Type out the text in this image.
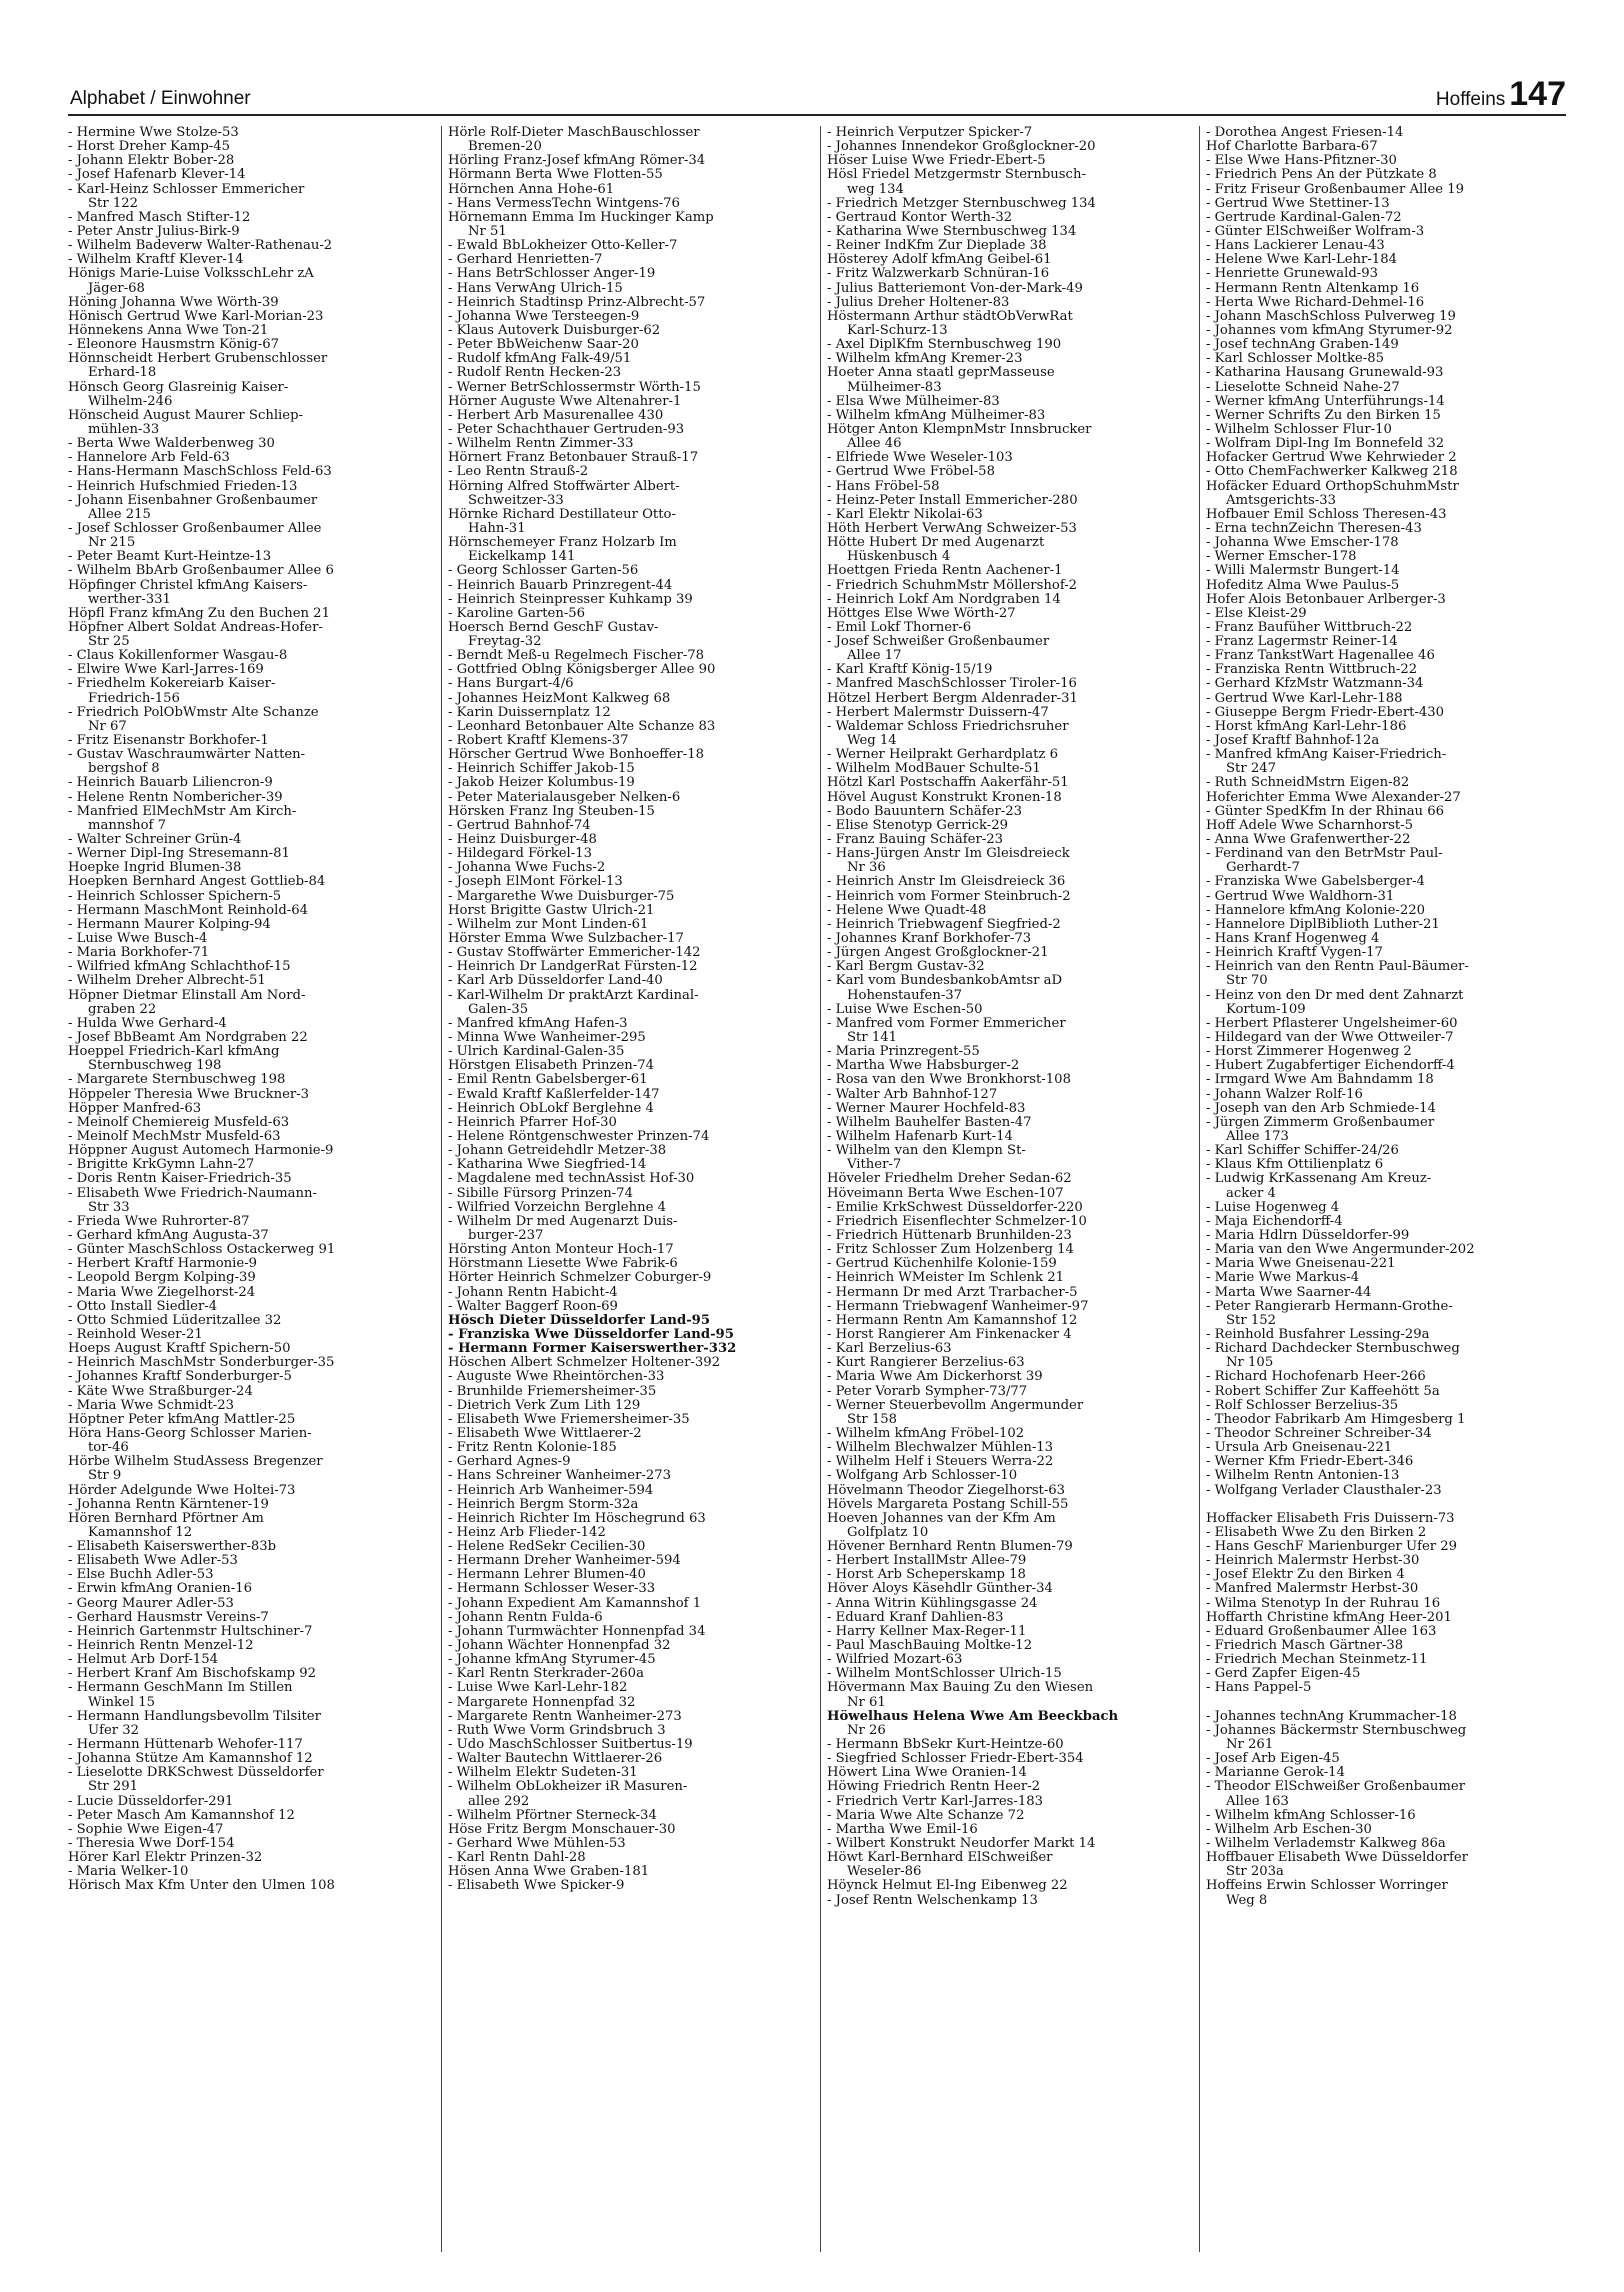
Alphabet / Einwohner	Hoffeins 147
- Hermine Wwe Stolze-53
- Horst Dreher Kamp-45
- Johann Elektr Bober-28
- Josef Hafenarb Klever-14
- Karl-Heinz Schlosser Emmericher
Str 122
- Manfred Masch Stifter-12
- Peter Anstr Julius-Birk-9
- Wilhelm Badeverw Walter-Rathenau-2
- Wilhelm Kraftf Klever-14
Hönigs Marie-Luise VolksschLehr zA
Jäger-68
Höning Johanna Wwe Wörth-39
Hönisch Gertrud Wwe Karl-Morian-23
Hönnekens Anna Wwe Ton-21
- Eleonore Hausmstrn König-67
Hönnscheidt Herbert Grubenschlosser
Erhard-18
Hönsch Georg Glasreinig Kaiser-
Wilhelm-246
Hönscheid August Maurer Schliep-
mühlen-33
- Berta Wwe Walderbenweg 30
- Hannelore Arb Feld-63
- Hans-Hermann MaschSchloss Feld-63
- Heinrich Hufschmied Frieden-13
- Johann Eisenbahner Großenbaumer
Allee 215
- Josef Schlosser Großenbaumer Allee
Nr 215
- Peter Beamt Kurt-Heintze-13
- Wilhelm BbArb Großenbaumer Allee 6
Höpfinger Christel kfmAng Kaisers-
werther-331
Höpfl Franz kfmAng Zu den Buchen 21
Höpfner Albert Soldat Andreas-Hofer-
Str 25
- Claus Kokillenformer Wasgau-8
- Elwire Wwe Karl-Jarres-169
- Friedhelm Kokereiarb Kaiser-
Friedrich-156
- Friedrich PolObWmstr Alte Schanze
Nr 67
- Fritz Eisenanstr Borkhofer-1
- Gustav Waschraumwärter Natten-
bergshof 8
- Heinrich Bauarb Liliencron-9
- Helene Rentn Nombericher-39
- Manfried ElMechMstr Am Kirch-
mannshof 7
- Walter Schreiner Grün-4
- Werner Dipl-Ing Stresemann-81
Hoepke Ingrid Blumen-38
Hoepken Bernhard Angest Gottlieb-84
- Heinrich Schlosser Spichern-5
- Hermann MaschMont Reinhold-64
- Hermann Maurer Kolping-94
- Luise Wwe Busch-4
- Maria Borkhofer-71
- Wilfried kfmAng Schlachthof-15
- Wilhelm Dreher Albrecht-51
Höpner Dietmar Elinstall Am Nord-
graben 22
- Hulda Wwe Gerhard-4
- Josef BbBeamt Am Nordgraben 22
Hoeppel Friedrich-Karl kfmAng
Sternbuschweg 198
- Margarete Sternbuschweg 198
Höppeler Theresia Wwe Bruckner-3
Höpper Manfred-63
- Meinolf Chemiereig Musfeld-63
- Meinolf MechMstr Musfeld-63
Höppner August Automech Harmonie-9
- Brigitte KrkGymn Lahn-27
- Doris Rentn Kaiser-Friedrich-35
- Elisabeth Wwe Friedrich-Naumann-
Str 33
- Frieda Wwe Ruhrorter-87
- Gerhard kfmAng Augusta-37
- Günter MaschSchloss Ostackerweg 91
- Herbert Kraftf Harmonie-9
- Leopold Bergm Kolping-39
- Maria Wwe Ziegelhorst-24
- Otto Install Siedler-4
- Otto Schmied Lüderitzallee 32
- Reinhold Weser-21
Hoeps August Kraftf Spichern-50
- Heinrich MaschMstr Sonderburger-35
- Johannes Kraftf Sonderburger-5
- Käte Wwe Straßburger-24
- Maria Wwe Schmidt-23
Höptner Peter kfmAng Mattler-25
Höra Hans-Georg Schlosser Marien-
tor-46
Hörbe Wilhelm StudAssess Bregenzer
Str 9
Hörder Adelgunde Wwe Holtei-73
- Johanna Rentn Kärntener-19
Hören Bernhard Pförtner Am
Kamannshof 12
- Elisabeth Kaiserswerther-83b
- Elisabeth Wwe Adler-53
- Else Buchh Adler-53
- Erwin kfmAng Oranien-16
- Georg Maurer Adler-53
- Gerhard Hausmstr Vereins-7
- Heinrich Gartenmstr Hultschiner-7
- Heinrich Rentn Menzel-12
- Helmut Arb Dorf-154
- Herbert Kranf Am Bischofskamp 92
- Hermann GeschMann Im Stillen
Winkel 15
- Hermann Handlungsbevollm Tilsiter
Ufer 32
- Hermann Hüttenarb Wehofer-117
- Johanna Stütze Am Kamannshof 12
- Lieselotte DRKSchwest Düsseldorfer
Str 291
- Lucie Düsseldorfer-291
- Peter Masch Am Kamannshof 12
- Sophie Wwe Eigen-47
- Theresia Wwe Dorf-154
Hörer Karl Elektr Prinzen-32
- Maria Welker-10
Hörisch Max Kfm Unter den Ulmen 108
Hörle Rolf-Dieter MaschBauschlosser
Bremen-20
Hörling Franz-Josef kfmAng Römer-34
Hörmann Berta Wwe Flotten-55
Hörnchen Anna Hohe-61
- Hans VermessTechn Wintgens-76
Hörnemann Emma Im Huckinger Kamp
Nr 51
- Ewald BbLokheizer Otto-Keller-7
- Gerhard Henrietten-7
- Hans BetrSchlosser Anger-19
- Hans VerwAng Ulrich-15
- Heinrich Stadtinsp Prinz-Albrecht-57
- Johanna Wwe Tersteegen-9
- Klaus Autoverk Duisburger-62
- Peter BbWeichenw Saar-20
- Rudolf kfmAng Falk-49/51
- Rudolf Rentn Hecken-23
- Werner BetrSchlossermstr Wörth-15
Hörner Auguste Wwe Altenahrer-1
- Herbert Arb Masurenallee 430
- Peter Schachthauer Gertruden-93
- Wilhelm Rentn Zimmer-33
Hörnert Franz Betonbauer Strauß-17
- Leo Rentn Strauß-2
Hörning Alfred Stoffwärter Albert-
Schweitzer-33
Hörnke Richard Destillateur Otto-
Hahn-31
Hörnschemeyer Franz Holzarb Im
Eickelkamp 141
- Georg Schlosser Garten-56
- Heinrich Bauarb Prinzregent-44
- Heinrich Steinpresser Kuhkamp 39
- Karoline Garten-56
Hoersch Bernd GeschF Gustav-
Freytag-32
- Berndt Meß-u Regelmech Fischer-78
- Gottfried Oblng Königsberger Allee 90
- Hans Burgart-4/6
- Johannes HeizMont Kalkweg 68
- Karin Duissernplatz 12
- Leonhard Betonbauer Alte Schanze 83
- Robert Kraftf Klemens-37
Hörscher Gertrud Wwe Bonhoeffer-18
- Heinrich Schiffer Jakob-15
- Jakob Heizer Kolumbus-19
- Peter Materialausgeber Nelken-6
Hörsken Franz Ing Steuben-15
- Gertrud Bahnhof-74
- Heinz Duisburger-48
- Hildegard Förkel-13
- Johanna Wwe Fuchs-2
- Joseph ElMont Förkel-13
- Margarethe Wwe Duisburger-75
Horst Brigitte Gastw Ulrich-21
- Wilhelm zur Mont Linden-61
Hörster Emma Wwe Sulzbacher-17
- Gustav Stoffwärter Emmericher-142
- Heinrich Dr LandgerRat Fürsten-12
- Karl Arb Düsseldorfer Land-40
- Karl-Wilhelm Dr praktArzt Kardinal-
Galen-35
- Manfred kfmAng Hafen-3
- Minna Wwe Wanheimer-295
- Ulrich Kardinal-Galen-35
Hörstgen Elisabeth Prinzen-74
- Emil Rentn Gabelsberger-61
- Ewald Kraftf Kaßlerfelder-147
- Heinrich ObLokf Berglehne 4
- Heinrich Pfarrer Hof-30
- Helene Röntgenschwester Prinzen-74
- Johann Getreidehdlr Metzer-38
- Katharina Wwe Siegfried-14
- Magdalene med technAssist Hof-30
- Sibille Fürsorg Prinzen-74
- Wilfried Vorzeichn Berglehne 4
- Wilhelm Dr med Augenarzt Duis-
burger-237
Hörsting Anton Monteur Hoch-17
Hörstmann Liesette Wwe Fabrik-6
Hörter Heinrich Schmelzer Coburger-9
- Johann Rentn Habicht-4
- Walter Baggerf Roon-69
Hösch Dieter Düsseldorfer Land-95
- Franziska Wwe Düsseldorfer Land-95
- Hermann Former Kaiserswerther-332
Höschen Albert Schmelzer Holtener-392
- Auguste Wwe Rheintörchen-33
- Brunhilde Friemersheimer-35
- Dietrich Verk Zum Lith 129
- Elisabeth Wwe Friemersheimer-35
- Elisabeth Wwe Wittlaerer-2
- Fritz Rentn Kolonie-185
- Gerhard Agnes-9
- Hans Schreiner Wanheimer-273
- Heinrich Arb Wanheimer-594
- Heinrich Bergm Storm-32a
- Heinrich Richter Im Höschegrund 63
- Heinz Arb Flieder-142
- Helene RedSekr Cecilien-30
- Hermann Dreher Wanheimer-594
- Hermann Lehrer Blumen-40
- Hermann Schlosser Weser-33
- Johann Expedient Am Kamannshof 1
- Johann Rentn Fulda-6
- Johann Turmwächter Honnenpfad 34
- Johann Wächter Honnenpfad 32
- Johanne kfmAng Styrumer-45
- Karl Rentn Sterkrader-260a
- Luise Wwe Karl-Lehr-182
- Margarete Honnenpfad 32
- Margarete Rentn Wanheimer-273
- Ruth Wwe Vorm Grindsbruch 3
- Udo MaschSchlosser Suitbertus-19
- Walter Bautechn Wittlaerer-26
- Wilhelm Elektr Sudeten-31
- Wilhelm ObLokheizer iR Masuren-
allee 292
- Wilhelm Pförtner Sterneck-34
Höse Fritz Bergm Monschauer-30
- Gerhard Wwe Mühlen-53
- Karl Rentn Dahl-28
Hösen Anna Wwe Graben-181
- Elisabeth Wwe Spicker-9
- Heinrich Verputzer Spicker-7
- Johannes Innendekor Großglockner-20
Höser Luise Wwe Friedr-Ebert-5
Hösl Friedel Metzgermstr Sternbusch-
weg 134
- Friedrich Metzger Sternbuschweg 134
- Gertraud Kontor Werth-32
- Katharina Wwe Sternbuschweg 134
- Reiner IndKfm Zur Dieplade 38
Hösterey Adolf kfmAng Geibel-61
- Fritz Walzwerkarb Schnüran-16
- Julius Batteriemont Von-der-Mark-49
- Julius Dreher Holtener-83
Höstermann Arthur städtObVerwRat
Karl-Schurz-13
- Axel DiplKfm Sternbuschweg 190
- Wilhelm kfmAng Kremer-23
Hoeter Anna staatl geprMasseuse
Mülheimer-83
- Elsa Wwe Mülheimer-83
- Wilhelm kfmAng Mülheimer-83
Hötger Anton KlempnMstr Innsbrucker
Allee 46
- Elfriede Wwe Weseler-103
- Gertrud Wwe Fröbel-58
- Hans Fröbel-58
- Heinz-Peter Install Emmericher-280
- Karl Elektr Nikolai-63
Höth Herbert VerwAng Schweizer-53
Hötte Hubert Dr med Augenarzt
Hüskenbusch 4
Hoettgen Frieda Rentn Aachener-1
- Friedrich SchuhmMstr Möllershof-2
- Heinrich Lokf Am Nordgraben 14
Höttges Else Wwe Wörth-27
- Emil Lokf Thorner-6
- Josef Schweißer Großenbaumer
Allee 17
- Karl Kraftf König-15/19
- Manfred MaschSchlosser Tiroler-16
Hötzel Herbert Bergm Aldenrader-31
- Herbert Malermstr Duissern-47
- Waldemar Schloss Friedrichsruher
Weg 14
- Werner Heilprakt Gerhardplatz 6
- Wilhelm ModBauer Schulte-51
Hötzl Karl Postschaffn Aakerfähr-51
Hövel August Konstrukt Kronen-18
- Bodo Bauuntern Schäfer-23
- Elise Stenotyp Gerrick-29
- Franz Bauing Schäfer-23
- Hans-Jürgen Anstr Im Gleisdreieck
Nr 36
- Heinrich Anstr Im Gleisdreieck 36
- Heinrich vom Former Steinbruch-2
- Helene Wwe Quadt-48
- Heinrich Triebwagenf Siegfried-2
- Johannes Kranf Borkhofer-73
- Jürgen Angest Großglockner-21
- Karl Bergm Gustav-32
- Karl vom BundesbankobAmtsr aD
Hohenstaufen-37
- Luise Wwe Eschen-50
- Manfred vom Former Emmericher
Str 141
- Maria Prinzregent-55
- Martha Wwe Habsburger-2
- Rosa van den Wwe Bronkhorst-108
- Walter Arb Bahnhof-127
- Werner Maurer Hochfeld-83
- Wilhelm Bauhelfer Basten-47
- Wilhelm Hafenarb Kurt-14
- Wilhelm van den Klempn St-
Vither-7
Höveler Friedhelm Dreher Sedan-62
Höveimann Berta Wwe Eschen-107
- Emilie KrkSchwest Düsseldorfer-220
- Friedrich Eisenflechter Schmelzer-10
- Friedrich Hüttenarb Brunhilden-23
- Fritz Schlosser Zum Holzenberg 14
- Gertrud Küchenhilfe Kolonie-159
- Heinrich WMeister Im Schlenk 21
- Hermann Dr med Arzt Trarbacher-5
- Hermann Triebwagenf Wanheimer-97
- Hermann Rentn Am Kamannshof 12
- Horst Rangierer Am Finkenacker 4
- Karl Berzelius-63
- Kurt Rangierer Berzelius-63
- Maria Wwe Am Dickerhorst 39
- Peter Vorarb Sympher-73/77
- Werner Steuerbevollm Angermunder
Str 158
- Wilhelm kfmAng Fröbel-102
- Wilhelm Blechwalzer Mühlen-13
- Wilhelm Helf i Steuers Werra-22
- Wolfgang Arb Schlosser-10
Hövelmann Theodor Ziegelhorst-63
Hövels Margareta Postang Schill-55
Hoeven Johannes van der Kfm Am
Golfplatz 10
Hövener Bernhard Rentn Blumen-79
- Herbert InstallMstr Allee-79
- Horst Arb Scheperskamp 18
Höver Aloys Käsehdlr Günther-34
- Anna Witrin Kühlingsgasse 24
- Eduard Kranf Dahlien-83
- Harry Kellner Max-Reger-11
- Paul MaschBauing Moltke-12
- Wilfried Mozart-63
- Wilhelm MontSchlosser Ulrich-15
Hövermann Max Bauing Zu den Wiesen
Nr 61
Höwelhaus Helena Wwe Am Beeckbach
Nr 26
- Hermann BbSekr Kurt-Heintze-60
- Siegfried Schlosser Friedr-Ebert-354
Höwert Lina Wwe Oranien-14
Höwing Friedrich Rentn Heer-2
- Friedrich Vertr Karl-Jarres-183
- Maria Wwe Alte Schanze 72
- Martha Wwe Emil-16
- Wilbert Konstrukt Neudorfer Markt 14
Höwt Karl-Bernhard ElSchweißer
Weseler-86
Höynck Helmut El-Ing Eibenweg 22
- Josef Rentn Welschenkamp 13
- Dorothea Angest Friesen-14
Hof Charlotte Barbara-67
- Else Wwe Hans-Pfitzner-30
- Friedrich Pens An der Pützkate 8
- Fritz Friseur Großenbaumer Allee 19
- Gertrud Wwe Stettiner-13
- Gertrude Kardinal-Galen-72
- Günter ElSchweißer Wolfram-3
- Hans Lackierer Lenau-43
- Helene Wwe Karl-Lehr-184
- Henriette Grunewald-93
- Hermann Rentn Altenkamp 16
- Herta Wwe Richard-Dehmel-16
- Johann MaschSchloss Pulverweg 19
- Johannes vom kfmAng Styrumer-92
- Josef technAng Graben-149
- Karl Schlosser Moltke-85
- Katharina Hausang Grunewald-93
- Lieselotte Schneid Nahe-27
- Werner kfmAng Unterführungs-14
- Werner Schrifts Zu den Birken 15
- Wilhelm Schlosser Flur-10
- Wolfram Dipl-Ing Im Bonnefeld 32
Hofacker Gertrud Wwe Kehrwieder 2
- Otto ChemFachwerker Kalkweg 218
Hofäcker Eduard OrthopSchuhmMstr
Amtsgerichts-33
Hofbauer Emil Schloss Theresen-43
- Erna technZeichn Theresen-43
- Johanna Wwe Emscher-178
- Werner Emscher-178
- Willi Malermstr Bungert-14
Hofeditz Alma Wwe Paulus-5
Hofer Alois Betonbauer Arlberger-3
- Else Kleist-29
- Franz Baufüher Wittbruch-22
- Franz Lagermstr Reiner-14
- Franz TankstWart Hagenallee 46
- Franziska Rentn Wittbruch-22
- Gerhard KfzMstr Watzmann-34
- Gertrud Wwe Karl-Lehr-188
- Giuseppe Bergm Friedr-Ebert-430
- Horst kfmAng Karl-Lehr-186
- Josef Kraftf Bahnhof-12a
- Manfred kfmAng Kaiser-Friedrich-
Str 247
- Ruth SchneidMstrn Eigen-82
Hoferichter Emma Wwe Alexander-27
- Günter SpedKfm In der Rhinau 66
Hoff Adele Wwe Scharnhorst-5
- Anna Wwe Grafenwerther-22
- Ferdinand van den BetrMstr Paul-
Gerhardt-7
- Franziska Wwe Gabelsberger-4
- Gertrud Wwe Waldhorn-31
- Hannelore kfmAng Kolonie-220
- Hannelore DiplBiblioth Luther-21
- Hans Kranf Hogenweg 4
- Heinrich Kraftf Vygen-17
- Heinrich van den Rentn Paul-Bäumer-
Str 70
- Heinz von den Dr med dent Zahnarzt
Kortum-109
- Herbert Pflasterer Ungelsheimer-60
- Hildegard van der Wwe Ottweiler-7
- Horst Zimmerer Hogenweg 2
- Hubert Zugabfertiger Eichendorff-4
- Irmgard Wwe Am Bahndamm 18
- Johann Walzer Rolf-16
- Joseph van den Arb Schmiede-14
- Jürgen Zimmerm Großenbaumer
Allee 173
- Karl Schiffer Schiffer-24/26
- Klaus Kfm Ottilienplatz 6
- Ludwig KrKassenang Am Kreuz-
acker 4
- Luise Hogenweg 4
- Maja Eichendorff-4
- Maria Hdlrn Düsseldorfer-99
- Maria van den Wwe Angermunder-202
- Maria Wwe Gneisenau-221
- Marie Wwe Markus-4
- Marta Wwe Saarner-44
- Peter Rangierarb Hermann-Grothe-
Str 152
- Reinhold Busfahrer Lessing-29a
- Richard Dachdecker Sternbuschweg
Nr 105
- Richard Hochofenarb Heer-266
- Robert Schiffer Zur Kaffeehött 5a
- Rolf Schlosser Berzelius-35
- Theodor Fabrikarb Am Himgesberg 1
- Theodor Schreiner Schreiber-34
- Ursula Arb Gneisenau-221
- Werner Kfm Friedr-Ebert-346
- Wilhelm Rentn Antonien-13
- Wolfgang Verlader Clausthaler-23

Hoffacker Elisabeth Fris Duissern-73
- Elisabeth Wwe Zu den Birken 2
- Hans GeschF Marienburger Ufer 29
- Heinrich Malermstr Herbst-30
- Josef Elektr Zu den Birken 4
- Manfred Malermstr Herbst-30
- Wilma Stenotyp In der Ruhrau 16
Hoffarth Christine kfmAng Heer-201
- Eduard Großenbaumer Allee 163
- Friedrich Masch Gärtner-38
- Friedrich Mechan Steinmetz-11
- Gerd Zapfer Eigen-45
- Hans Pappel-5

- Johannes technAng Krummacher-18
- Johannes Bäckermstr Sternbuschweg
Nr 261
- Josef Arb Eigen-45
- Marianne Gerok-14
- Theodor ElSchweißer Großenbaumer
Allee 163
- Wilhelm kfmAng Schlosser-16
- Wilhelm Arb Eschen-30
- Wilhelm Verlademstr Kalkweg 86a
Hoffbauer Elisabeth Wwe Düsseldorfer
Str 203a
Hoffeins Erwin Schlosser Worringer
Weg 8
